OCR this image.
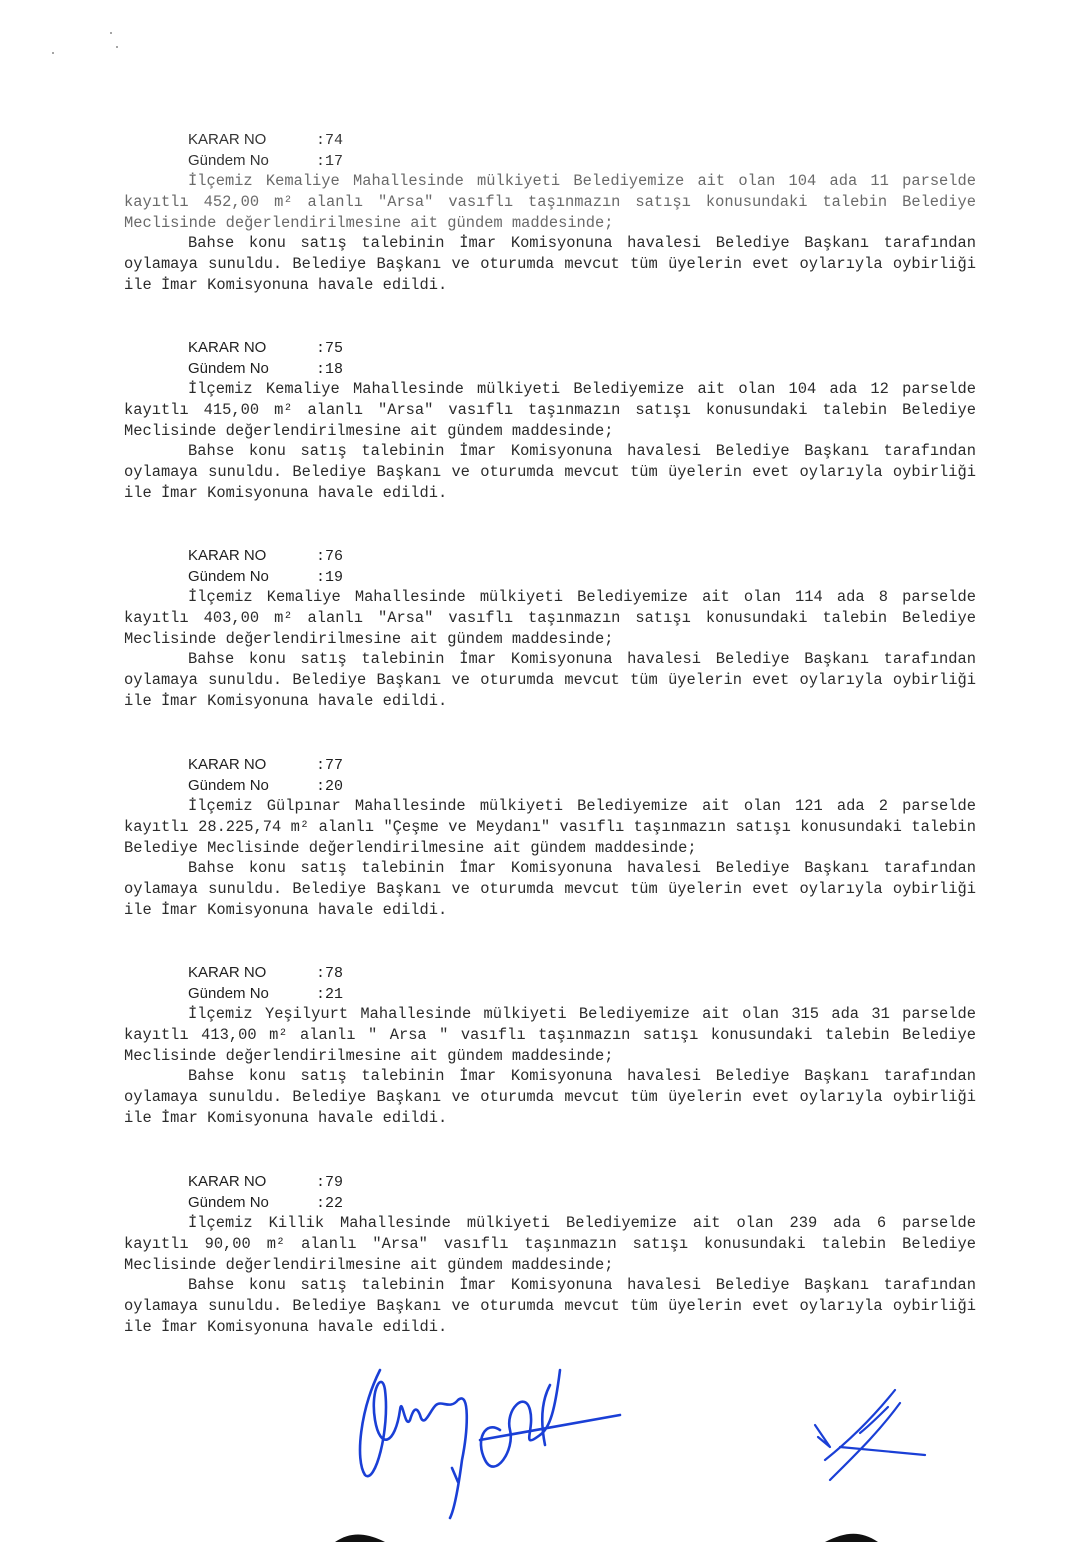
KARAR NO	:74
Gündem No	:17

İlçemiz Kemaliye Mahallesinde mülkiyeti Belediyemize ait olan 104 ada 11 parselde kayıtlı 452,00 m² alanlı "Arsa" vasıflı taşınmazın satışı konusundaki talebin Belediye Meclisinde değerlendirilmesine ait gündem maddesinde;

Bahse konu satış talebinin İmar Komisyonuna havalesi Belediye Başkanı tarafından oylamaya sunuldu. Belediye Başkanı ve oturumda mevcut tüm üyelerin evet oylarıyla oybirliği ile İmar Komisyonuna havale edildi.

KARAR NO	:75
Gündem No	:18

İlçemiz Kemaliye Mahallesinde mülkiyeti Belediyemize ait olan 104 ada 12 parselde kayıtlı 415,00 m² alanlı "Arsa" vasıflı taşınmazın satışı konusundaki talebin Belediye Meclisinde değerlendirilmesine ait gündem maddesinde;

Bahse konu satış talebinin İmar Komisyonuna havalesi Belediye Başkanı tarafından oylamaya sunuldu. Belediye Başkanı ve oturumda mevcut tüm üyelerin evet oylarıyla oybirliği ile İmar Komisyonuna havale edildi.

KARAR NO	:76
Gündem No	:19

İlçemiz Kemaliye Mahallesinde mülkiyeti Belediyemize ait olan 114 ada 8 parselde kayıtlı 403,00 m² alanlı "Arsa" vasıflı taşınmazın satışı konusundaki talebin Belediye Meclisinde değerlendirilmesine ait gündem maddesinde;

Bahse konu satış talebinin İmar Komisyonuna havalesi Belediye Başkanı tarafından oylamaya sunuldu. Belediye Başkanı ve oturumda mevcut tüm üyelerin evet oylarıyla oybirliği ile İmar Komisyonuna havale edildi.

KARAR NO	:77
Gündem No	:20

İlçemiz Gülpınar Mahallesinde mülkiyeti Belediyemize ait olan 121 ada 2 parselde kayıtlı 28.225,74 m² alanlı "Çeşme ve Meydanı" vasıflı taşınmazın satışı konusundaki talebin Belediye Meclisinde değerlendirilmesine ait gündem maddesinde;

Bahse konu satış talebinin İmar Komisyonuna havalesi Belediye Başkanı tarafından oylamaya sunuldu. Belediye Başkanı ve oturumda mevcut tüm üyelerin evet oylarıyla oybirliği ile İmar Komisyonuna havale edildi.

KARAR NO	:78
Gündem No	:21

İlçemiz Yeşilyurt Mahallesinde mülkiyeti Belediyemize ait olan 315 ada 31 parselde kayıtlı 413,00 m² alanlı " Arsa " vasıflı taşınmazın satışı konusundaki talebin Belediye Meclisinde değerlendirilmesine ait gündem maddesinde;

Bahse konu satış talebinin İmar Komisyonuna havalesi Belediye Başkanı tarafından oylamaya sunuldu. Belediye Başkanı ve oturumda mevcut tüm üyelerin evet oylarıyla oybirliği ile İmar Komisyonuna havale edildi.

KARAR NO	:79
Gündem No	:22

İlçemiz Killik Mahallesinde mülkiyeti Belediyemize ait olan 239 ada 6 parselde kayıtlı 90,00 m² alanlı "Arsa" vasıflı taşınmazın satışı konusundaki talebin Belediye Meclisinde değerlendirilmesine ait gündem maddesinde;

Bahse konu satış talebinin İmar Komisyonuna havalesi Belediye Başkanı tarafından oylamaya sunuldu. Belediye Başkanı ve oturumda mevcut tüm üyelerin evet oylarıyla oybirliği ile İmar Komisyonuna havale edildi.
